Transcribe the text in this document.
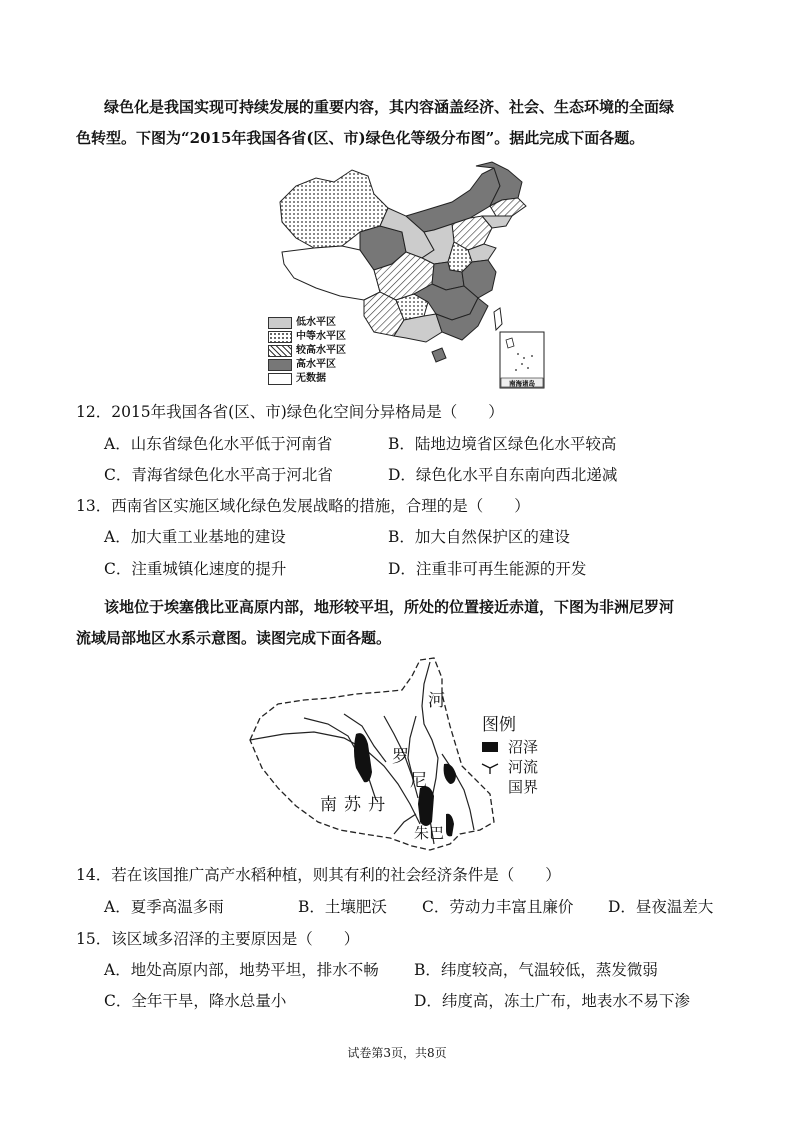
绿色化是我国实现可持续发展的重要内容，其内容涵盖经济、社会、生态环境的全面绿
色转型。下图为“2015年我国各省(区、市)绿色化等级分布图”。据此完成下面各题。
南海诸岛
低水平区
中等水平区
较高水平区
高水平区
无数据
12．2015年我国各省(区、市)绿色化空间分异格局是（　　）
A．山东省绿色化水平低于河南省	B．陆地边境省区绿色化水平较高
C．青海省绿色化水平高于河北省	D．绿色化水平自东南向西北递减
13．西南省区实施区域化绿色发展战略的措施，合理的是（　　）
A．加大重工业基地的建设	B．加大自然保护区的建设
C．注重城镇化速度的提升	D．注重非可再生能源的开发
该地位于埃塞俄比亚高原内部，地形较平坦，所处的位置接近赤道，下图为非洲尼罗河
流域局部地区水系示意图。读图完成下面各题。
河
罗
尼
南 苏 丹
朱巴
图例
沼泽
河流
国界
14．若在该国推广高产水稻种植，则其有利的社会经济条件是（　　）
A．夏季高温多雨	B．土壤肥沃 C．劳动力丰富且廉价 D．昼夜温差大
15．该区域多沼泽的主要原因是（　　）
A．地处高原内部，地势平坦，排水不畅 B．纬度较高，气温较低，蒸发微弱
C．全年干旱，降水总量小	D．纬度高，冻土广布，地表水不易下渗
试卷第3页，共8页
